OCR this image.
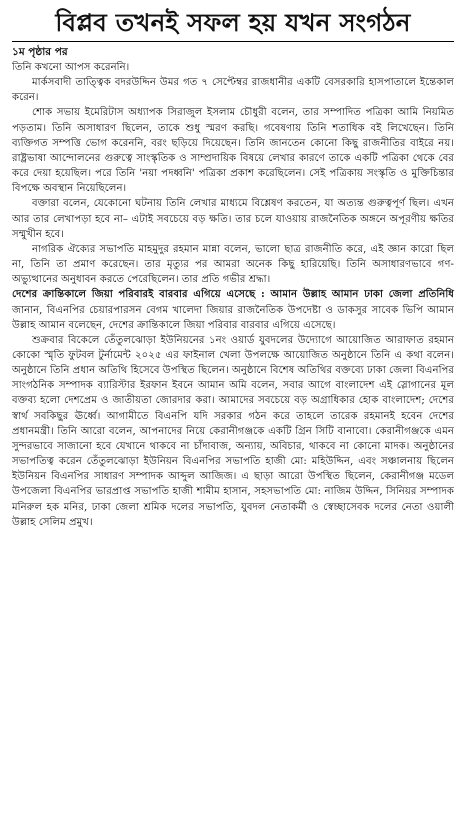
বিপ্লব তখনই সফল হয় যখন সংগঠন

১ম পৃষ্ঠার পর

তিনি কখনো আপস করেননি।

মার্কসবাদী তাত্ত্বিক বদরউদ্দিন উমর গত ৭ সেপ্টেম্বর রাজধানীর একটি বেসরকারি হাসপাতালে ইন্তেকাল করেন।

শোক সভায় ইমেরিটাস অধ্যাপক সিরাজুল ইসলাম চৌধুরী বলেন, তার সম্পাদিত পত্রিকা আমি নিয়মিত পড়তাম। তিনি অসাধারণ ছিলেন, তাকে শুধু স্মরণ করছি। গবেষণায় তিনি শতাধিক বই লিখেছেন। তিনি ব্যক্তিগত সম্পত্তি ভোগ করেননি, বরং ছড়িয়ে দিয়েছেন। তিনি জানতেন কোনো কিছু রাজনীতির বাইরে নয়। রাষ্ট্রভাষা আন্দোলনের গুরুত্বে সাংস্কৃতিক ও সাম্প্রদায়িক বিষয়ে লেখার কারণে তাকে একটি পত্রিকা থেকে বের করে দেয়া হয়েছিল। পরে তিনি 'নয়া পদধ্বনি' পত্রিকা প্রকাশ করেছিলেন। সেই পত্রিকায় সংস্কৃতি ও মুক্তিচিন্তার বিপক্ষে অবস্থান নিয়েছিলেন।

বক্তারা বলেন, যেকোনো ঘটনায় তিনি লেখার মাধ্যমে বিশ্লেষণ করতেন, যা অত্যন্ত গুরুত্বপূর্ণ ছিল। এখন আর তার লেখাপড়া হবে না– এটাই সবচেয়ে বড় ক্ষতি। তার চলে যাওয়ায় রাজনৈতিক অঙ্গনে অপূরণীয় ক্ষতির সম্মুখীন হবে।

নাগরিক ঐক্যের সভাপতি মাহমুদুর রহমান মান্না বলেন, ভালো ছাত্র রাজনীতি করে, এই জ্ঞান কারো ছিল না, তিনি তা প্রমাণ করেছেন। তার মৃত্যুর পর আমরা অনেক কিছু হারিয়েছি। তিনি অসাধারণভাবে গণ-অভ্যুত্থানের অনুধাবন করতে পেরেছিলেন। তার প্রতি গভীর শ্রদ্ধা।

দেশের ক্রান্তিকালে জিয়া পরিবারই বারবার এগিয়ে এসেছে : আমান উল্লাহ আমান ঢাকা জেলা প্রতিনিধি জানান, বিএনপির চেয়ারপারসন বেগম খালেদা জিয়ার রাজনৈতিক উপদেষ্টা ও ডাকসুর সাবেক ভিপি আমান উল্লাহ আমান বলেছেন, দেশের ক্রান্তিকালে জিয়া পরিবার বারবার এগিয়ে এসেছে।

শুক্রবার বিকেলে তেঁতুলঝোড়া ইউনিয়নের ১নং ওয়ার্ড যুবদলের উদ্যোগে আয়োজিত আরাফাত রহমান কোকো স্মৃতি ফুটবল টুর্নামেন্ট ২০২৫ এর ফাইনাল খেলা উপলক্ষে আয়োজিত অনুষ্ঠানে তিনি এ কথা বলেন। অনুষ্ঠানে তিনি প্রধান অতিথি হিসেবে উপস্থিত ছিলেন। অনুষ্ঠানে বিশেষ অতিথির বক্তব্যে ঢাকা জেলা বিএনপির সাংগঠনিক সম্পাদক ব্যারিস্টার ইরফান ইবনে আমান অমি বলেন, সবার আগে বাংলাদেশ এই স্লোগানের মূল বক্তব্য হলো দেশপ্রেম ও জাতীয়তা জোরদার করা। আমাদের সবচেয়ে বড় অগ্রাধিকার হোক বাংলাদেশ; দেশের স্বার্থ সবকিছুর ঊর্ধ্বে। আগামীতে বিএনপি যদি সরকার গঠন করে তাহলে তারেক রহমানই হবেন দেশের প্রধানমন্ত্রী। তিনি আরো বলেন, আপনাদের নিয়ে কেরানীগঞ্জকে একটি গ্রিন সিটি বানাবো। কেরানীগঞ্জকে এমন সুন্দরভাবে সাজানো হবে যেখানে থাকবে না চাঁদাবাজ, অন্যায়, অবিচার, থাকবে না কোনো মাদক। অনুষ্ঠানের সভাপতিত্ব করেন তেঁতুলঝোড়া ইউনিয়ন বিএনপির সভাপতি হাজী মো: মহিউদ্দিন, এবং সঞ্চালনায় ছিলেন ইউনিয়ন বিএনপির সাধারণ সম্পাদক আব্দুল আজিজ। এ ছাড়া আরো উপস্থিত ছিলেন, কেরানীগঞ্জ মডেল উপজেলা বিএনপির ভারপ্রাপ্ত সভাপতি হাজী শামীম হাসান, সহসভাপতি মো: নাজিম উদ্দিন, সিনিয়র সম্পাদক মনিরুল হক মনির, ঢাকা জেলা শ্রমিক দলের সভাপতি, যুবদল নেতাকর্মী ও স্বেচ্ছাসেবক দলের নেতা ওয়ালী উল্লাহ সেলিম প্রমুখ।
